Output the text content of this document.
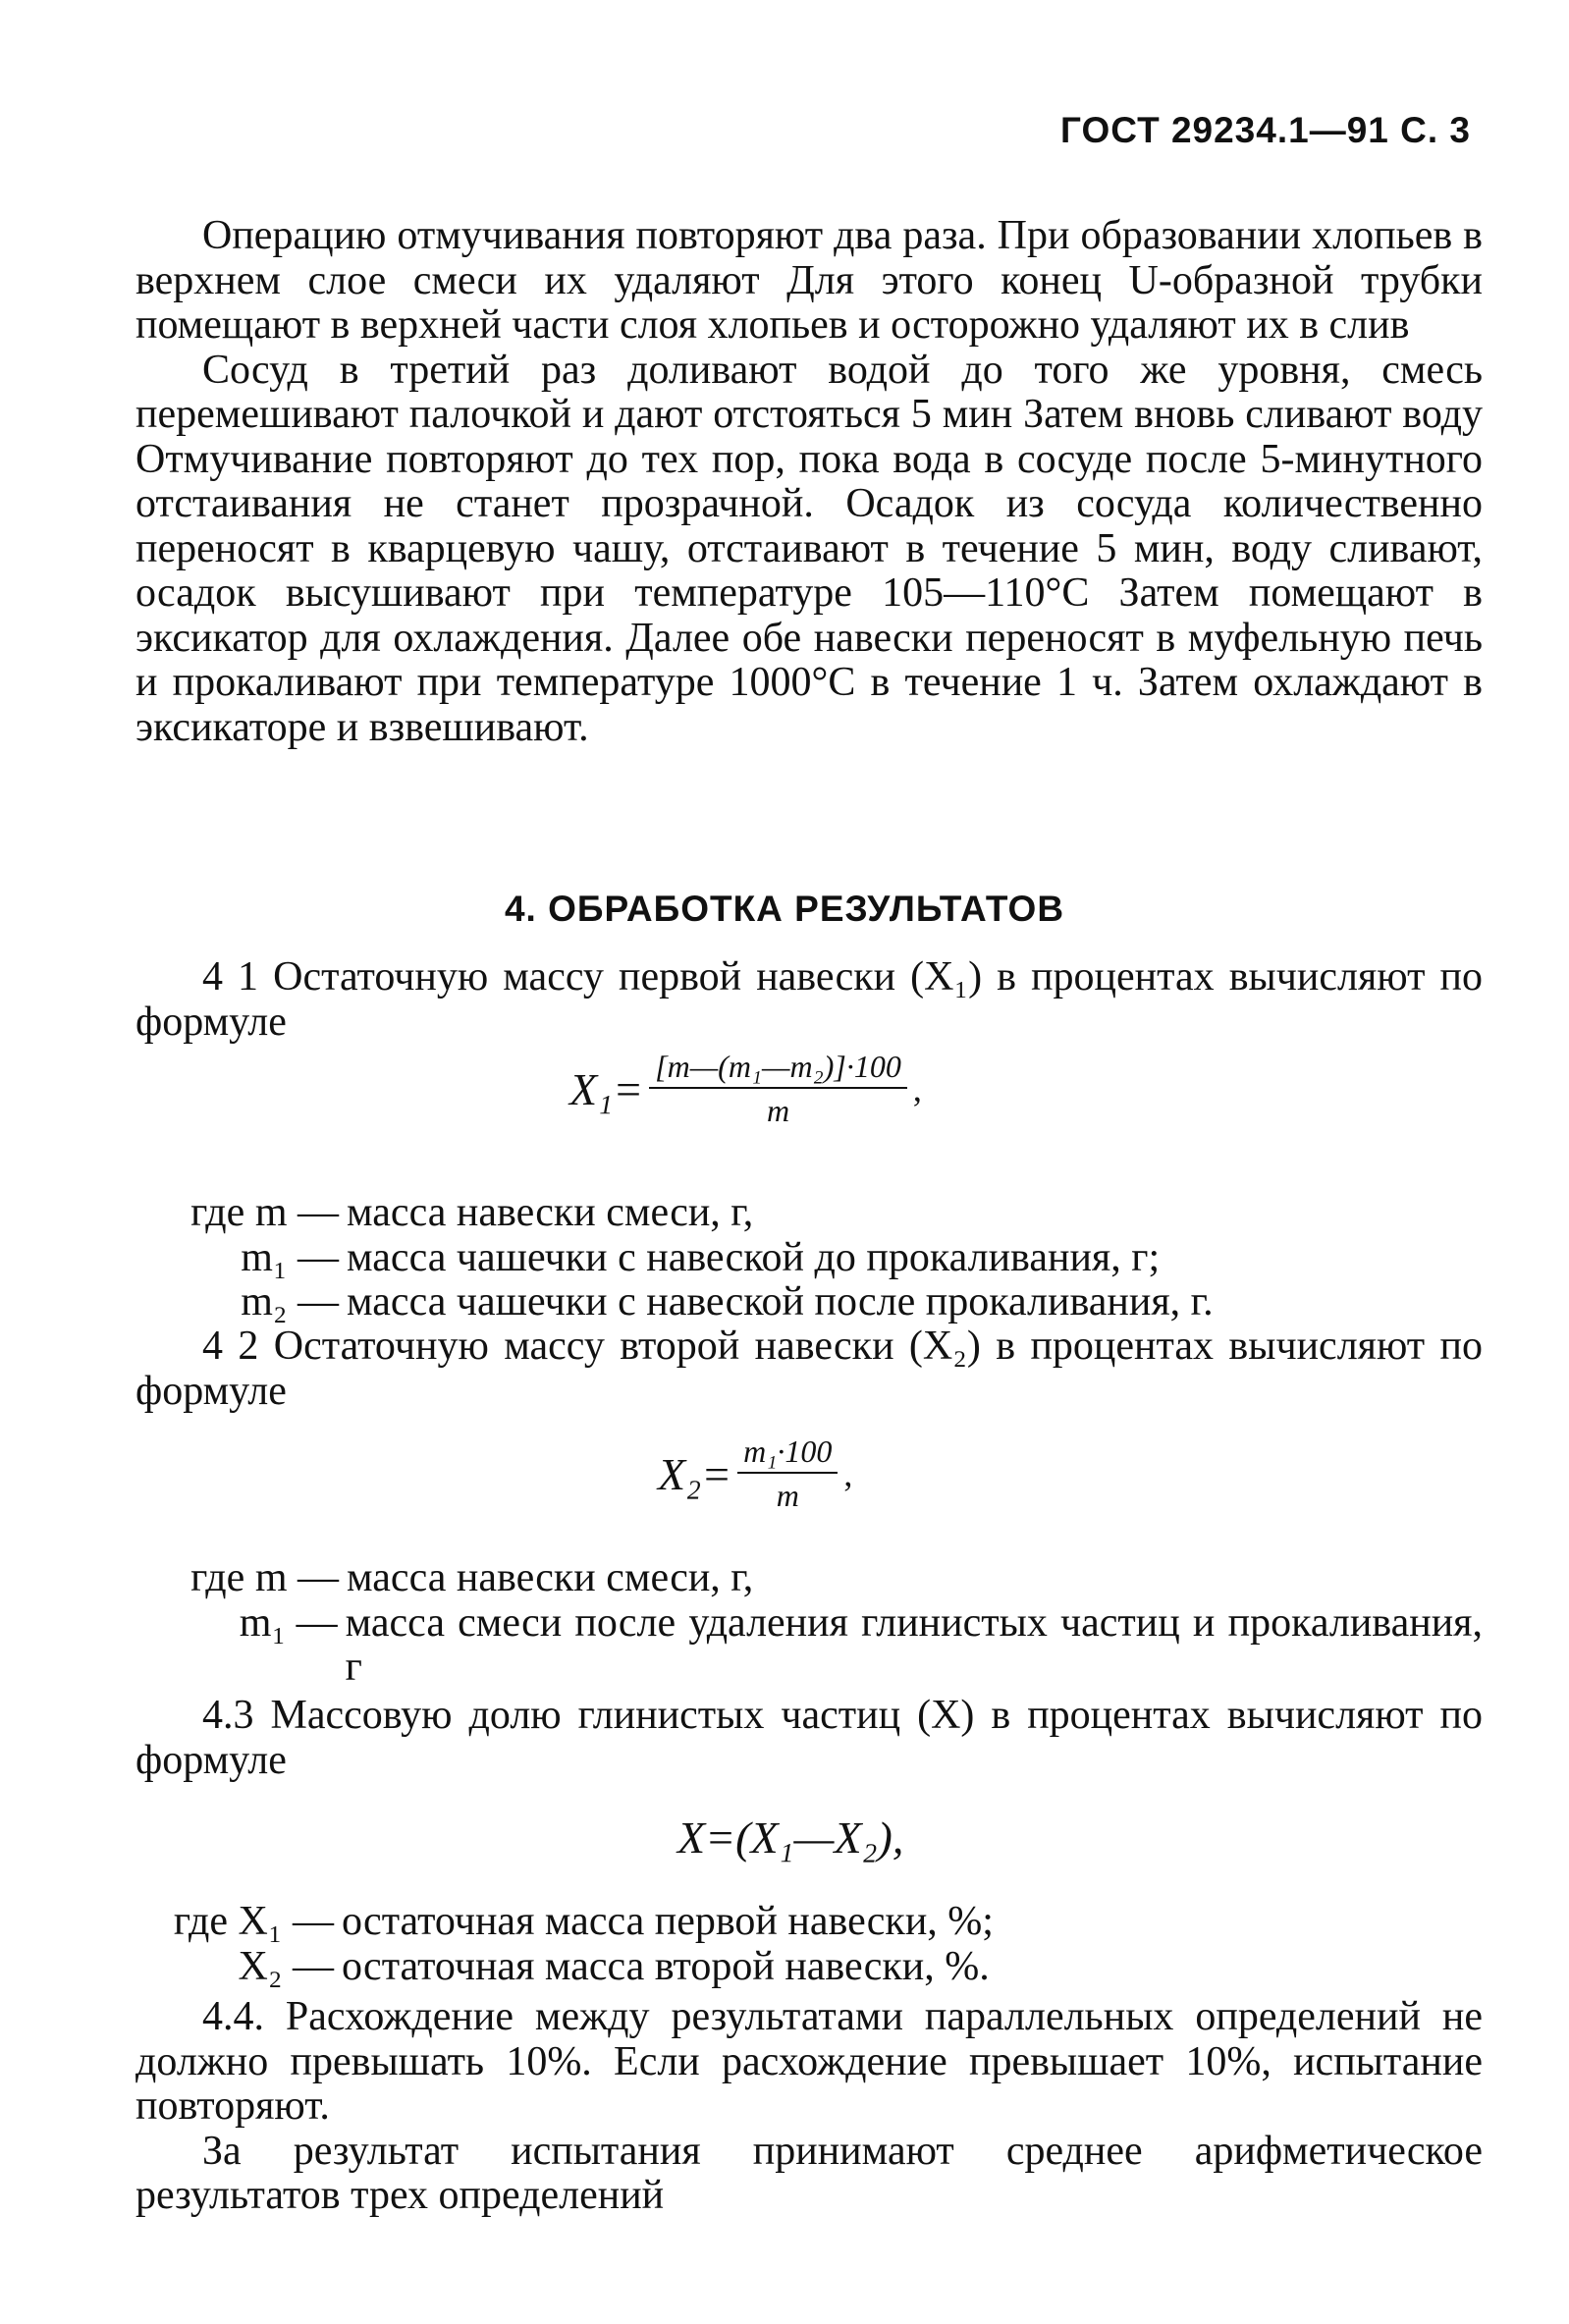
ГОСТ 29234.1—91 С. 3

Операцию отмучивания повторяют два раза. При образовании хлопьев в верхнем слое смеси их удаляют Для этого конец U-образной трубки помещают в верхней части слоя хлопьев и осторожно удаляют их в слив

Сосуд в третий раз доливают водой до того же уровня, смесь перемешивают палочкой и дают отстояться 5 мин Затем вновь сливают воду Отмучивание повторяют до тех пор, пока вода в сосуде после 5-минутного отстаивания не станет прозрачной. Осадок из сосуда количественно переносят в кварцевую чашу, отстаивают в течение 5 мин, воду сливают, осадок высушивают при температуре 105—110°С Затем помещают в эксикатор для охлаждения. Далее обе навески переносят в муфельную печь и прокаливают при температуре 1000°С в течение 1 ч. Затем охлаждают в эксикаторе и взвешивают.

4. ОБРАБОТКА РЕЗУЛЬТАТОВ

4 1 Остаточную массу первой навески (X₁) в процентах вычисляют по формуле

$X_1= \frac{\text{[m—(m₁—m₂)]·100}}{m}$ ,
где m — масса навески смеси, г,
m₁ — масса чашечки с навеской до прокаливания, г;
m₂ — масса чашечки с навеской после прокаливания, г.

4 2 Остаточную массу второй навески (X₂) в процентах вычисляют по формуле

$X_2= \frac{\text{m₁·100}}{m}$ ,
где m — масса навески смеси, г,
m₁ — масса смеси после удаления глинистых частиц и прокаливания, г

4.3 Массовую долю глинистых частиц (X) в процентах вычисляют по формуле

X=(X₁—X₂),
где X₁ — остаточная масса первой навески, %;
X₂ — остаточная масса второй навески, %.

4.4. Расхождение между результатами параллельных определений не должно превышать 10%. Если расхождение превышает 10%, испытание повторяют.

За результат испытания принимают среднее арифметическое результатов трех определений
